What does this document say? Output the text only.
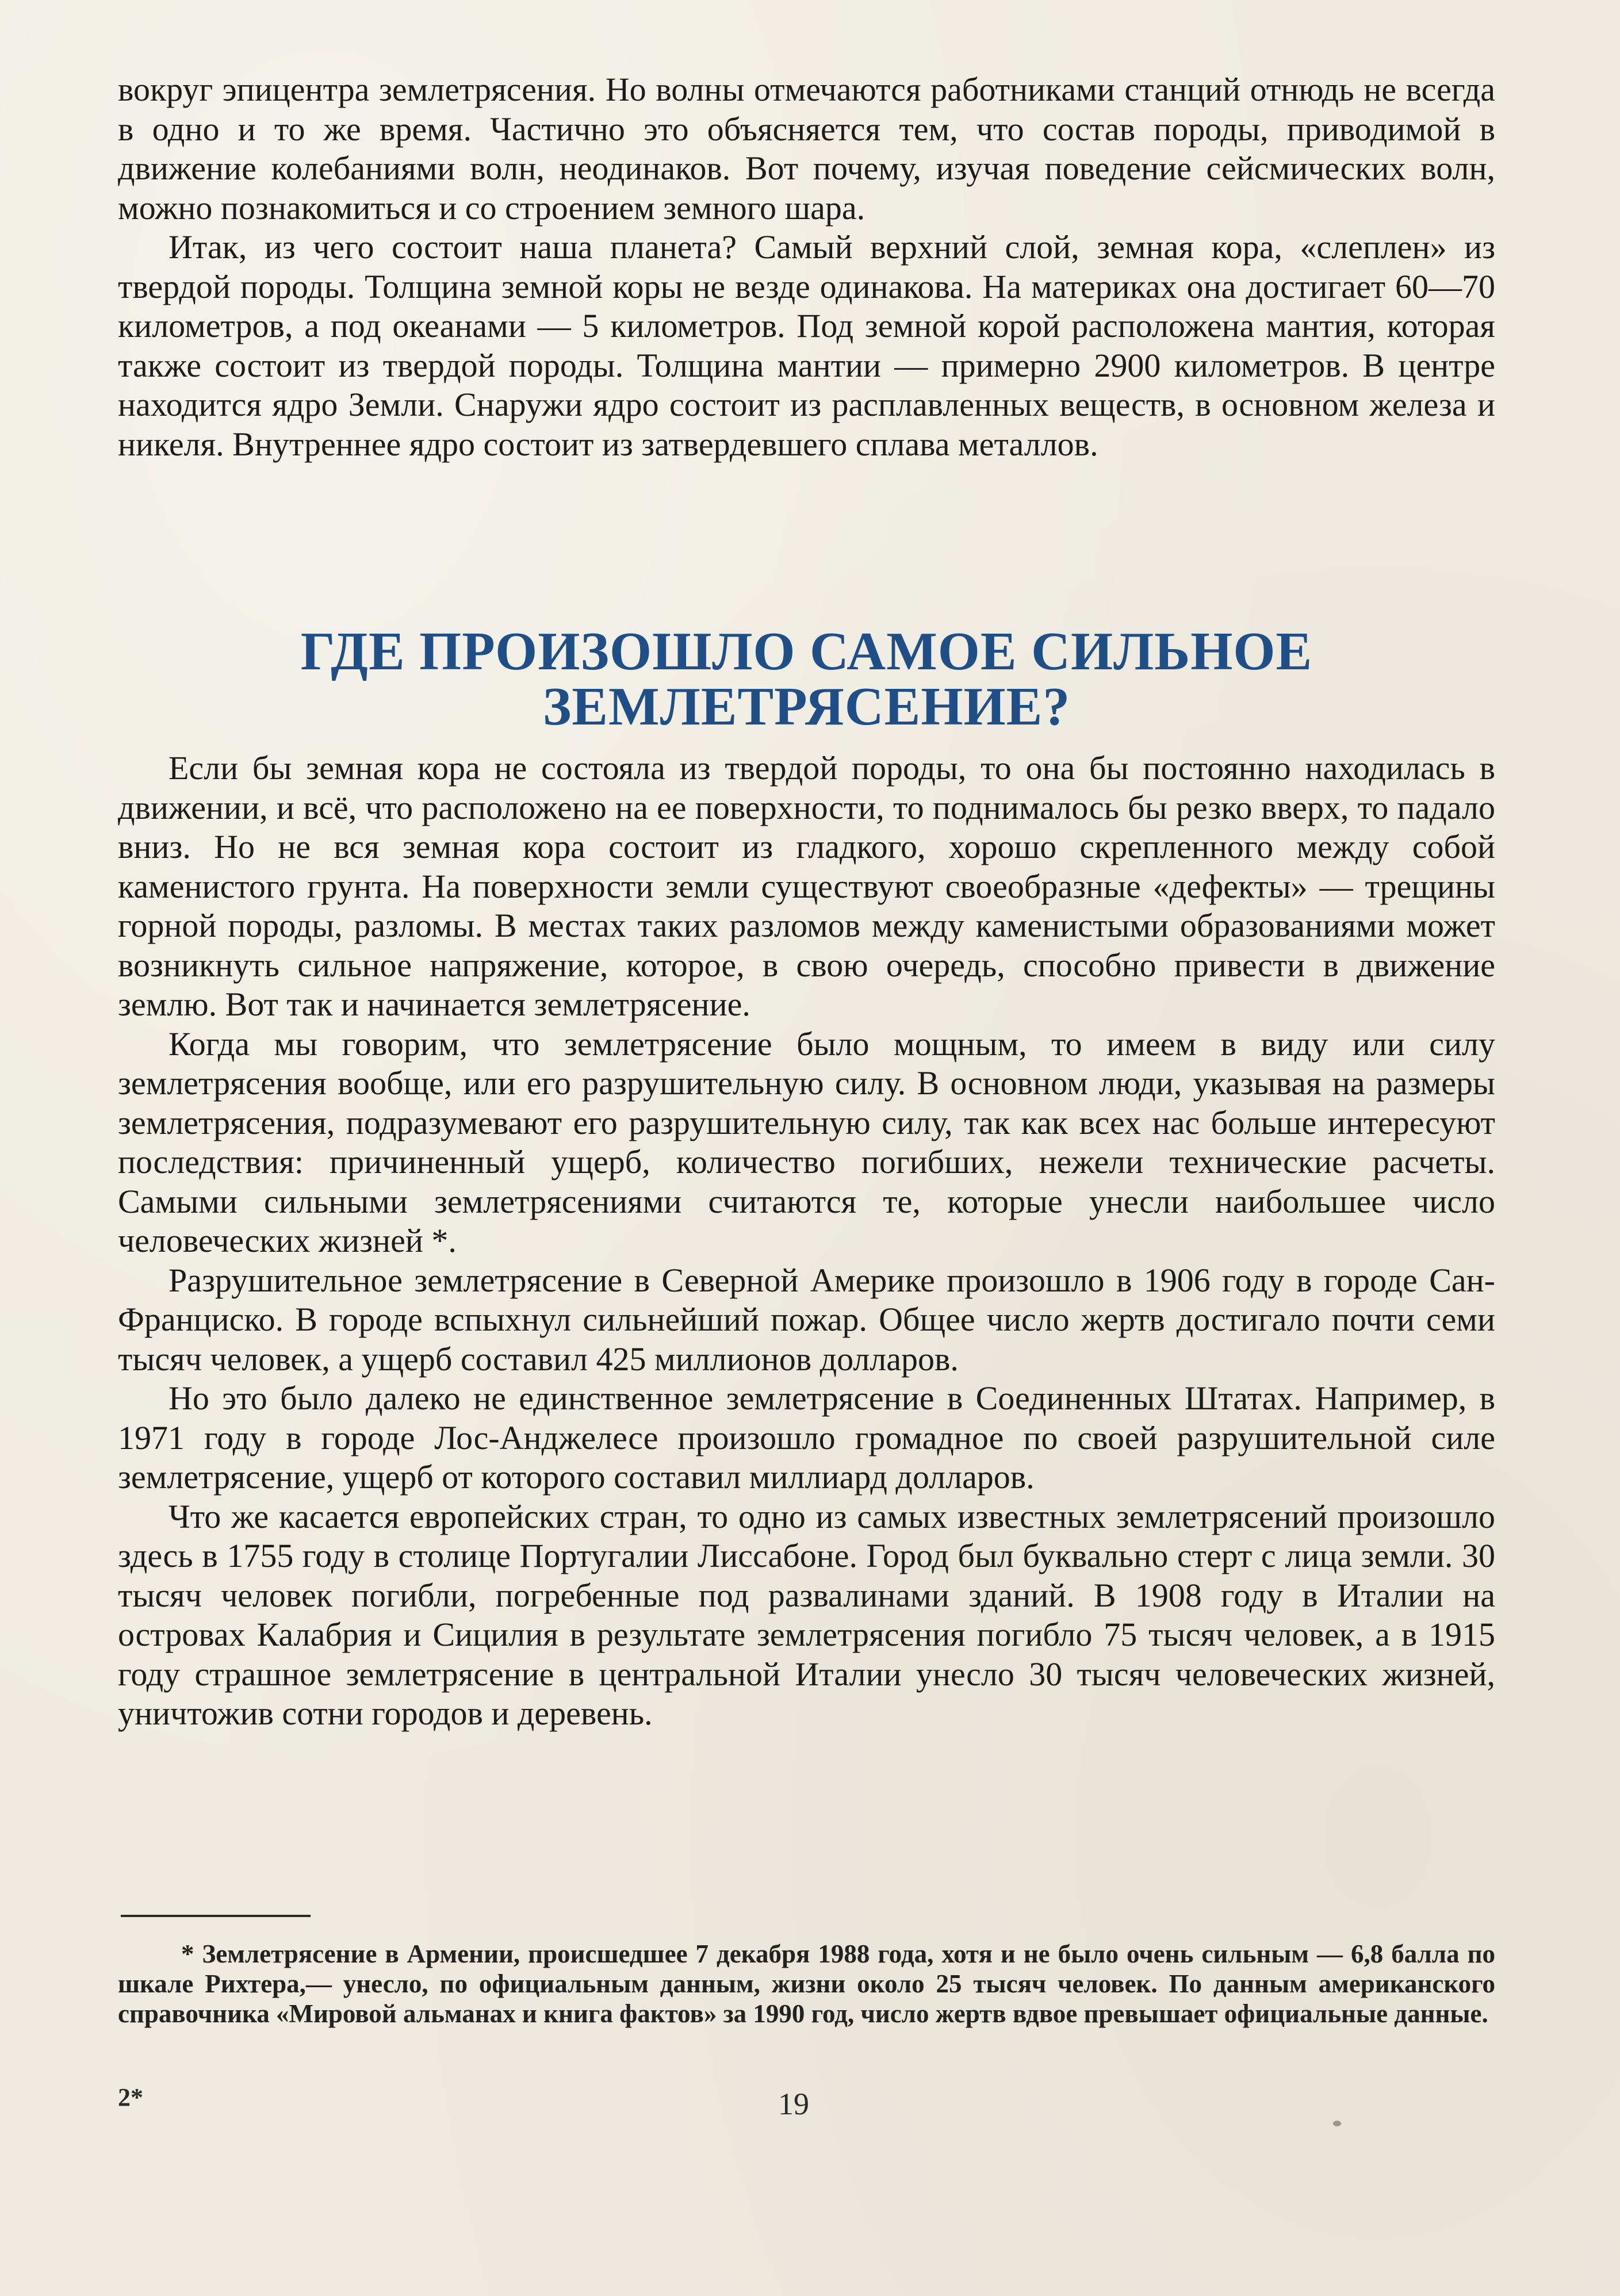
вокруг эпицентра землетрясения. Но волны отмечаются работниками станций отнюдь не всегда в одно и то же время. Частично это объясняется тем, что состав породы, приводимой в движение колебаниями волн, неодинаков. Вот почему, изучая поведение сейсмических волн, можно познакомиться и со строением земного шара.

Итак, из чего состоит наша планета? Самый верхний слой, земная кора, «слеплен» из твердой породы. Толщина земной коры не везде одинакова. На материках она достигает 60—70 километров, а под океанами — 5 километров. Под земной корой расположена мантия, которая также состоит из твердой породы. Толщина мантии — примерно 2900 километров. В центре находится ядро Земли. Снаружи ядро состоит из расплавленных веществ, в основном железа и никеля. Внутреннее ядро состоит из затвердевшего сплава металлов.

ГДЕ ПРОИЗОШЛО САМОЕ СИЛЬНОЕ
ЗЕМЛЕТРЯСЕНИЕ?

Если бы земная кора не состояла из твердой породы, то она бы постоянно находилась в движении, и всё, что расположено на ее поверхности, то поднималось бы резко вверх, то падало вниз. Но не вся земная кора состоит из гладкого, хорошо скрепленного между собой каменистого грунта. На поверхности земли существуют своеобразные «дефекты» — трещины горной породы, разломы. В местах таких разломов между каменистыми образованиями может возникнуть сильное напряжение, которое, в свою очередь, способно привести в движение землю. Вот так и начинается землетрясение.

Когда мы говорим, что землетрясение было мощным, то имеем в виду или силу землетрясения вообще, или его разрушительную силу. В основном люди, указывая на размеры землетрясения, подразумевают его разрушительную силу, так как всех нас больше интересуют последствия: причиненный ущерб, количество погибших, нежели технические расчеты. Самыми сильными землетрясениями считаются те, которые унесли наибольшее число человеческих жизней *.

Разрушительное землетрясение в Северной Америке произошло в 1906 году в городе Сан-Франциско. В городе вспыхнул сильнейший пожар. Общее число жертв достигало почти семи тысяч человек, а ущерб составил 425 миллионов долларов.

Но это было далеко не единственное землетрясение в Соединенных Штатах. Например, в 1971 году в городе Лос-Анджелесе произошло громадное по своей разрушительной силе землетрясение, ущерб от которого составил миллиард долларов.

Что же касается европейских стран, то одно из самых известных землетрясений произошло здесь в 1755 году в столице Португалии Лиссабоне. Город был буквально стерт с лица земли. 30 тысяч человек погибли, погребенные под развалинами зданий. В 1908 году в Италии на островах Калабрия и Сицилия в результате землетрясения погибло 75 тысяч человек, а в 1915 году страшное землетрясение в центральной Италии унесло 30 тысяч человеческих жизней, уничтожив сотни городов и деревень.

* Землетрясение в Армении, происшедшее 7 декабря 1988 года, хотя и не было очень сильным — 6,8 балла по шкале Рихтера,— унесло, по официальным данным, жизни около 25 тысяч человек. По данным американского справочника «Мировой альманах и книга фактов» за 1990 год, число жертв вдвое превышает официальные данные.

2*	19
